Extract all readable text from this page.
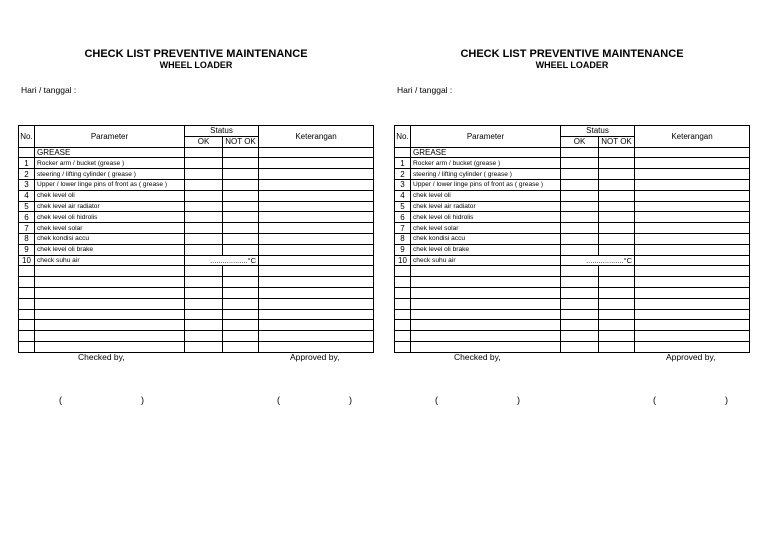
CHECK LIST PREVENTIVE MAINTENANCE
WHEEL LOADER
Hari / tanggal :
No.	Parameter	Status		Keterangan
		OK	NOT OK	
	GREASE			
1	Rocker arm / bucket (grease )			
2	steering / lifting cylinder ( grease )			
3	Upper / lower linge pins of front as ( grease )			
4	chek level oli			
5	chek level air radiator			
6	chek level oli hidrolis			
7	chek level solar			
8	chek kondisi accu			
9	chek level oli brake			
10	check suhu air	..................°C		

Checked by,	Approved by,
(	)	(	)
CHECK LIST PREVENTIVE MAINTENANCE
WHEEL LOADER
Hari / tanggal :
No.	Parameter	Status		Keterangan
		OK	NOT OK	
	GREASE			
1	Rocker arm / bucket (grease )			
2	steering / lifting cylinder ( grease )			
3	Upper / lower linge pins of front as ( grease )			
4	chek level oli			
5	chek level air radiator			
6	chek level oli hidrolis			
7	chek level solar			
8	chek kondisi accu			
9	chek level oli brake			
10	check suhu air	..................°C		

Checked by,	Approved by,
(	)	(	)
